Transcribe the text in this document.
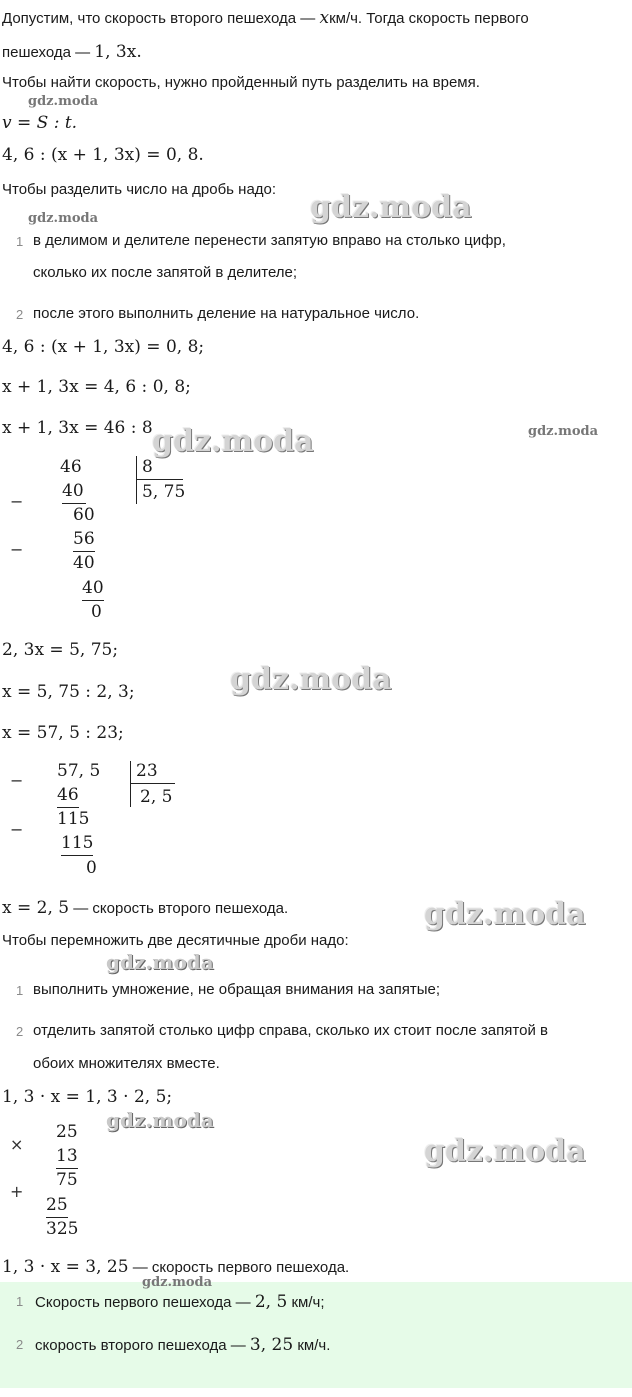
Допустим, что скорость второго пешехода — xкм/ч. Тогда скорость первого
пешехода — 1, 3x.
Чтобы найти скорость, нужно пройденный путь разделить на время.
gdz.moda
v = S : t.
4, 6 : (x + 1, 3x) = 0, 8.
Чтобы разделить число на дробь надо:
gdz.moda
gdz.moda
1 в делимом и делителе перенести запятую вправо на столько цифр,
сколько их после запятой в делителе;
2 после этого выполнить деление на натуральное число.
4, 6 : (x + 1, 3x) = 0, 8;
x + 1, 3x = 4, 6 : 0, 8;
x + 1, 3x = 46 : 8 gdz.moda	gdz.moda
46
−
40
60
−
56
40
40
0
8
5, 75
2, 3x = 5, 75;
x = 5, 75 : 2, 3;	gdz.moda
x = 57, 5 : 23;
57, 5
−
46
115
−
115
0
23
2, 5
x = 2, 5 — скорость второго пешехода.	gdz.moda
Чтобы перемножить две десятичные дроби надо:
gdz.moda
1 выполнить умножение, не обращая внимания на запятые;
2 отделить запятой столько цифр справа, сколько их стоит после запятой в
обоих множителях вместе.
1, 3 · x = 1, 3 · 2, 5;
gdz.moda
gdz.moda
25
×
13
75
+
25
325
1, 3 · x = 3, 25 — скорость первого пешехода.
gdz.moda
1 Скорость первого пешехода — 2, 5 км/ч;
2 скорость второго пешехода — 3, 25 км/ч.
